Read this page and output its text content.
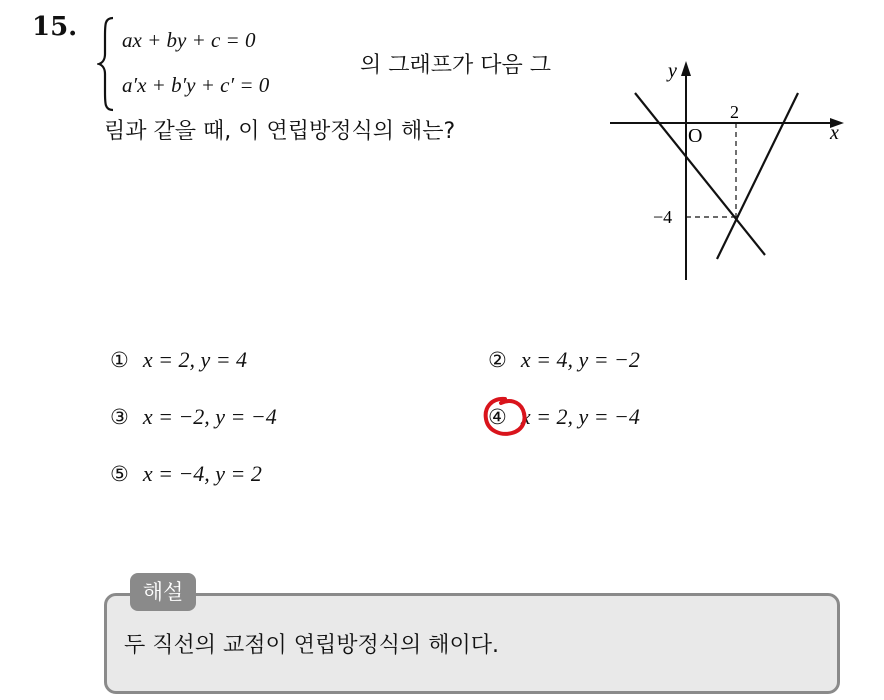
15. ax + by + c = 0
a′x + b′y + c′ = 0
의 그래프가 다음 그
림과 같을 때, 이 연립방정식의 해는?
y
x
O
2
−4
① x = 2, y = 4	② x = 4, y = −2
③ x = −2, y = −4	④ x = 2, y = −4
⑤ x = −4, y = 2
해설
두 직선의 교점이 연립방정식의 해이다.
